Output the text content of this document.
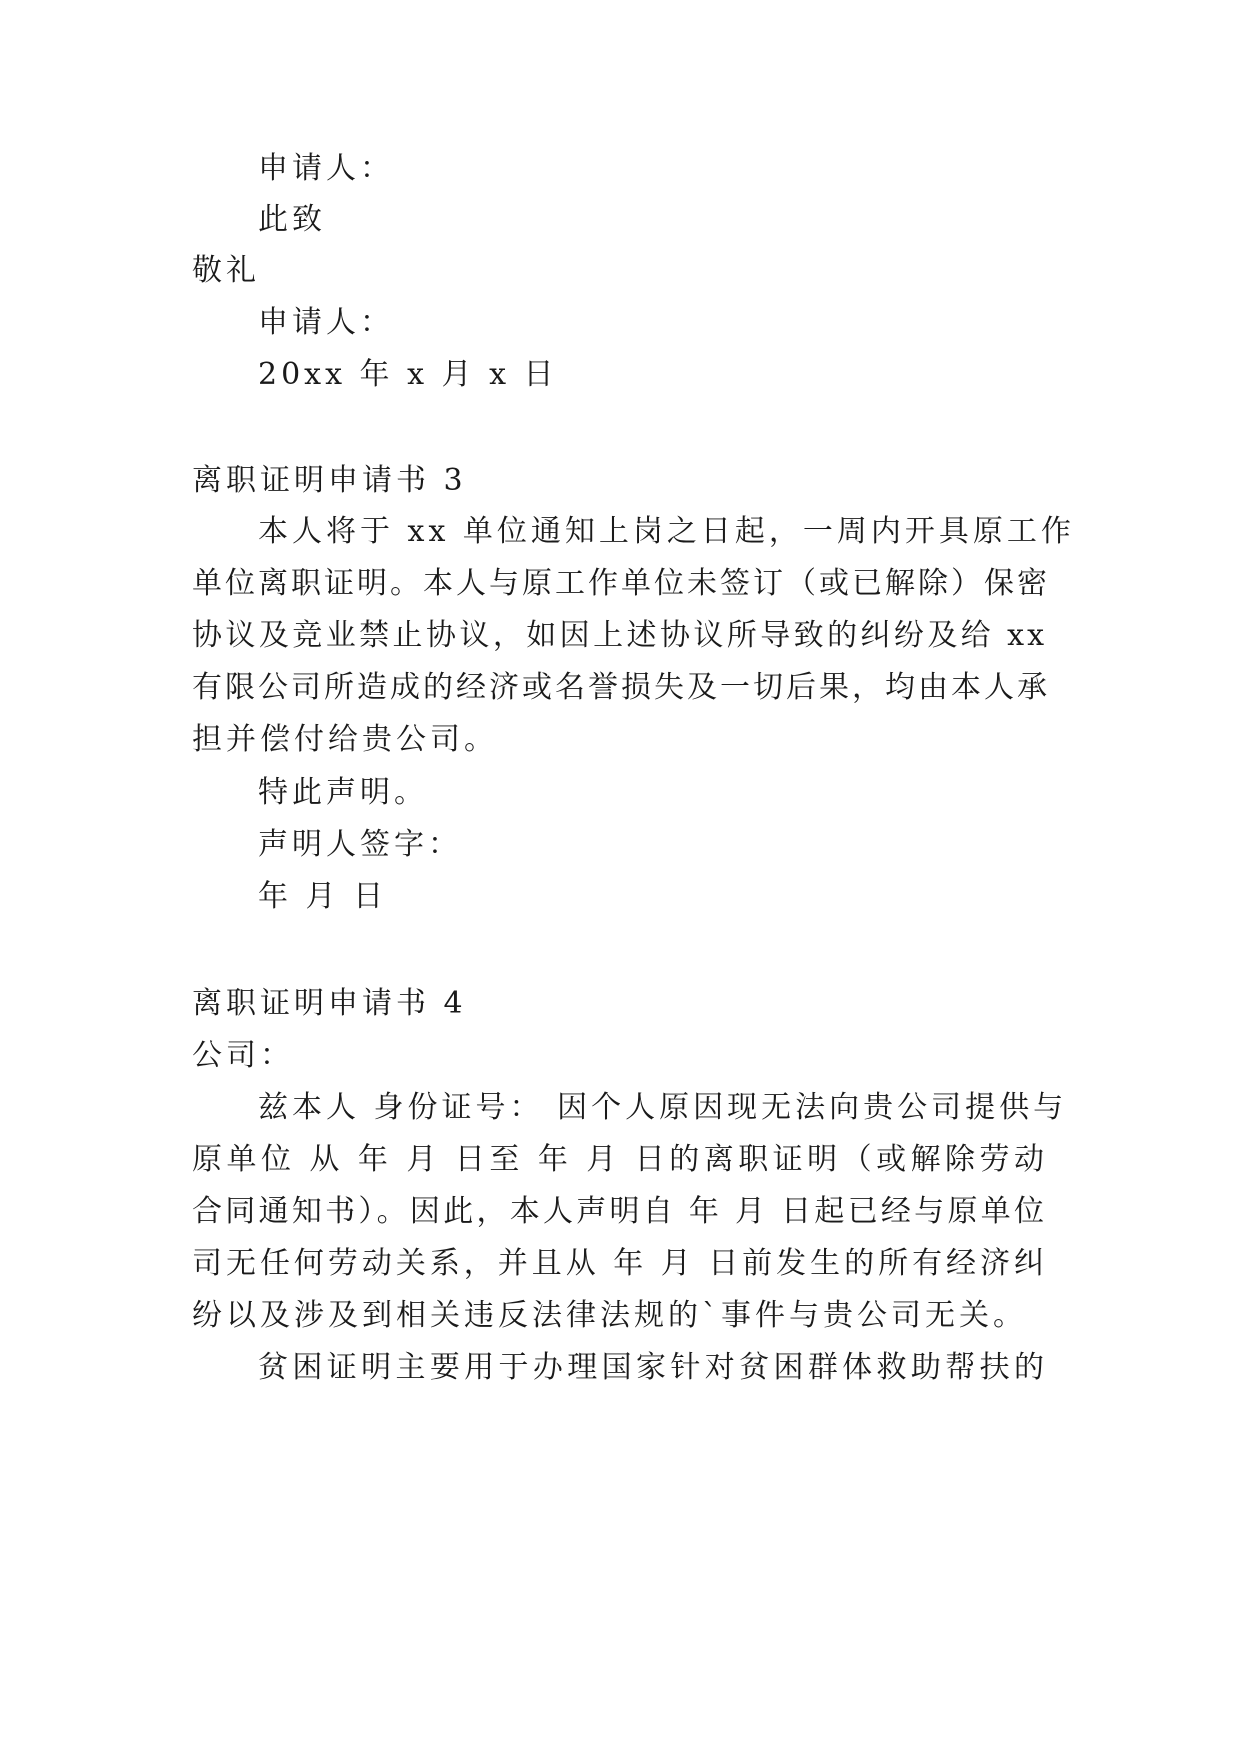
申请人：
此致
敬礼
申请人：
20xx 年 x 月 x 日
离职证明申请书 3
本人将于 xx 单位通知上岗之日起，一周内开具原工作
单位离职证明。本人与原工作单位未签订（或已解除）保密
协议及竞业禁止协议，如因上述协议所导致的纠纷及给 xx
有限公司所造成的经济或名誉损失及一切后果，均由本人承
担并偿付给贵公司。
特此声明。
声明人签字：
年 月 日
离职证明申请书 4
公司：
兹本人 身份证号： 因个人原因现无法向贵公司提供与
原单位 从 年 月 日至 年 月 日的离职证明（或解除劳动
合同通知书）。因此，本人声明自 年 月 日起已经与原单位
司无任何劳动关系，并且从 年 月 日前发生的所有经济纠
纷以及涉及到相关违反法律法规的`事件与贵公司无关。
贫困证明主要用于办理国家针对贫困群体救助帮扶的
